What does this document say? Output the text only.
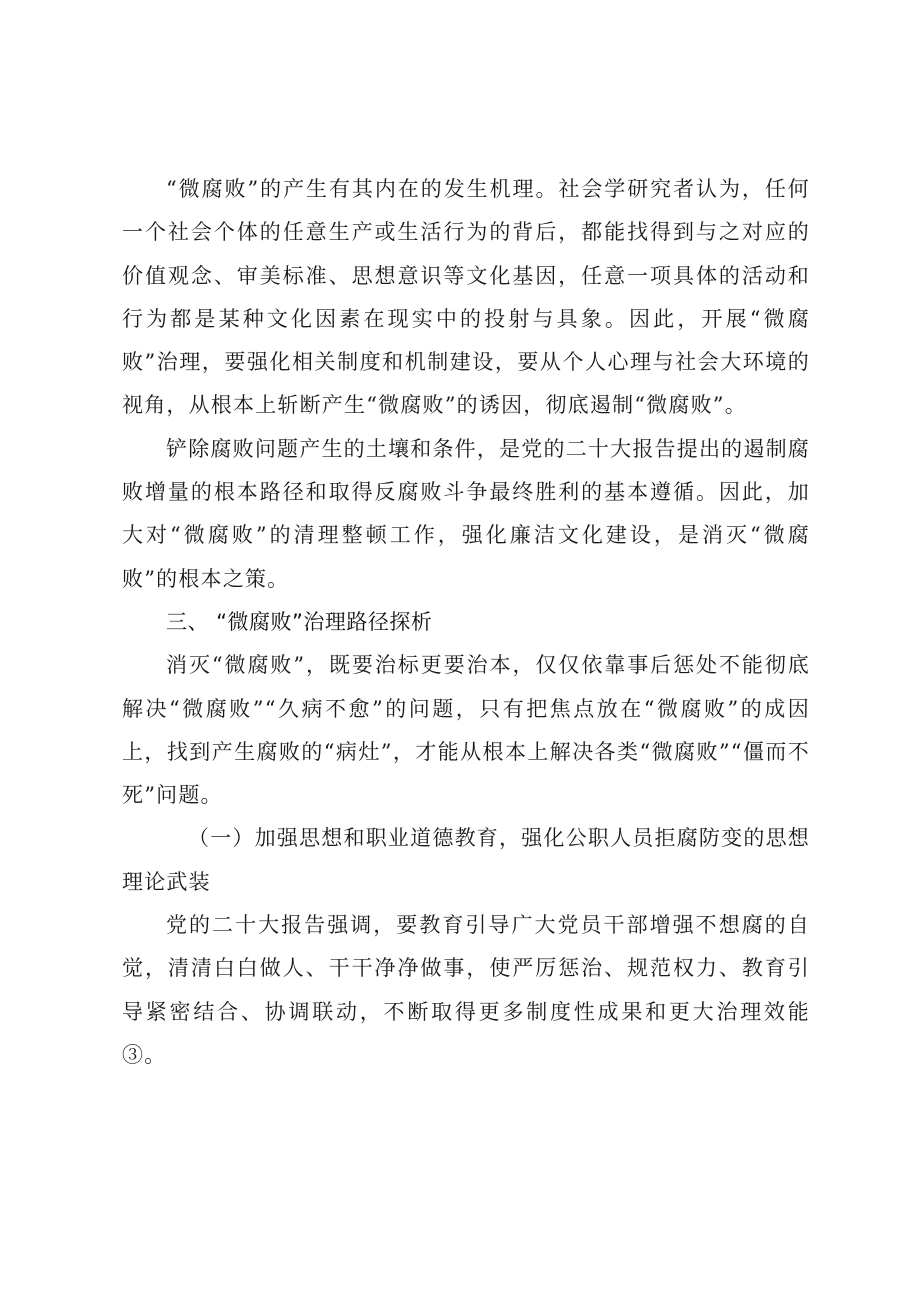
“微腐败”的产生有其内在的发生机理。社会学研究者认为，任何一个社会个体的任意生产或生活行为的背后，都能找得到与之对应的价值观念、审美标准、思想意识等文化基因，任意一项具体的活动和行为都是某种文化因素在现实中的投射与具象。因此，开展“微腐败”治理，要强化相关制度和机制建设，要从个人心理与社会大环境的视角，从根本上斩断产生“微腐败”的诱因，彻底遏制“微腐败”。

铲除腐败问题产生的土壤和条件，是党的二十大报告提出的遏制腐败增量的根本路径和取得反腐败斗争最终胜利的基本遵循。因此，加大对“微腐败”的清理整顿工作，强化廉洁文化建设，是消灭“微腐败”的根本之策。

三、 “微腐败”治理路径探析

消灭“微腐败”，既要治标更要治本，仅仅依靠事后惩处不能彻底解决“微腐败”“久病不愈”的问题，只有把焦点放在“微腐败”的成因上，找到产生腐败的“病灶”，才能从根本上解决各类“微腐败”“僵而不死”问题。

（一）加强思想和职业道德教育，强化公职人员拒腐防变的思想理论武装

党的二十大报告强调，要教育引导广大党员干部增强不想腐的自觉，清清白白做人、干干净净做事，使严厉惩治、规范权力、教育引导紧密结合、协调联动，不断取得更多制度性成果和更大治理效能③。
